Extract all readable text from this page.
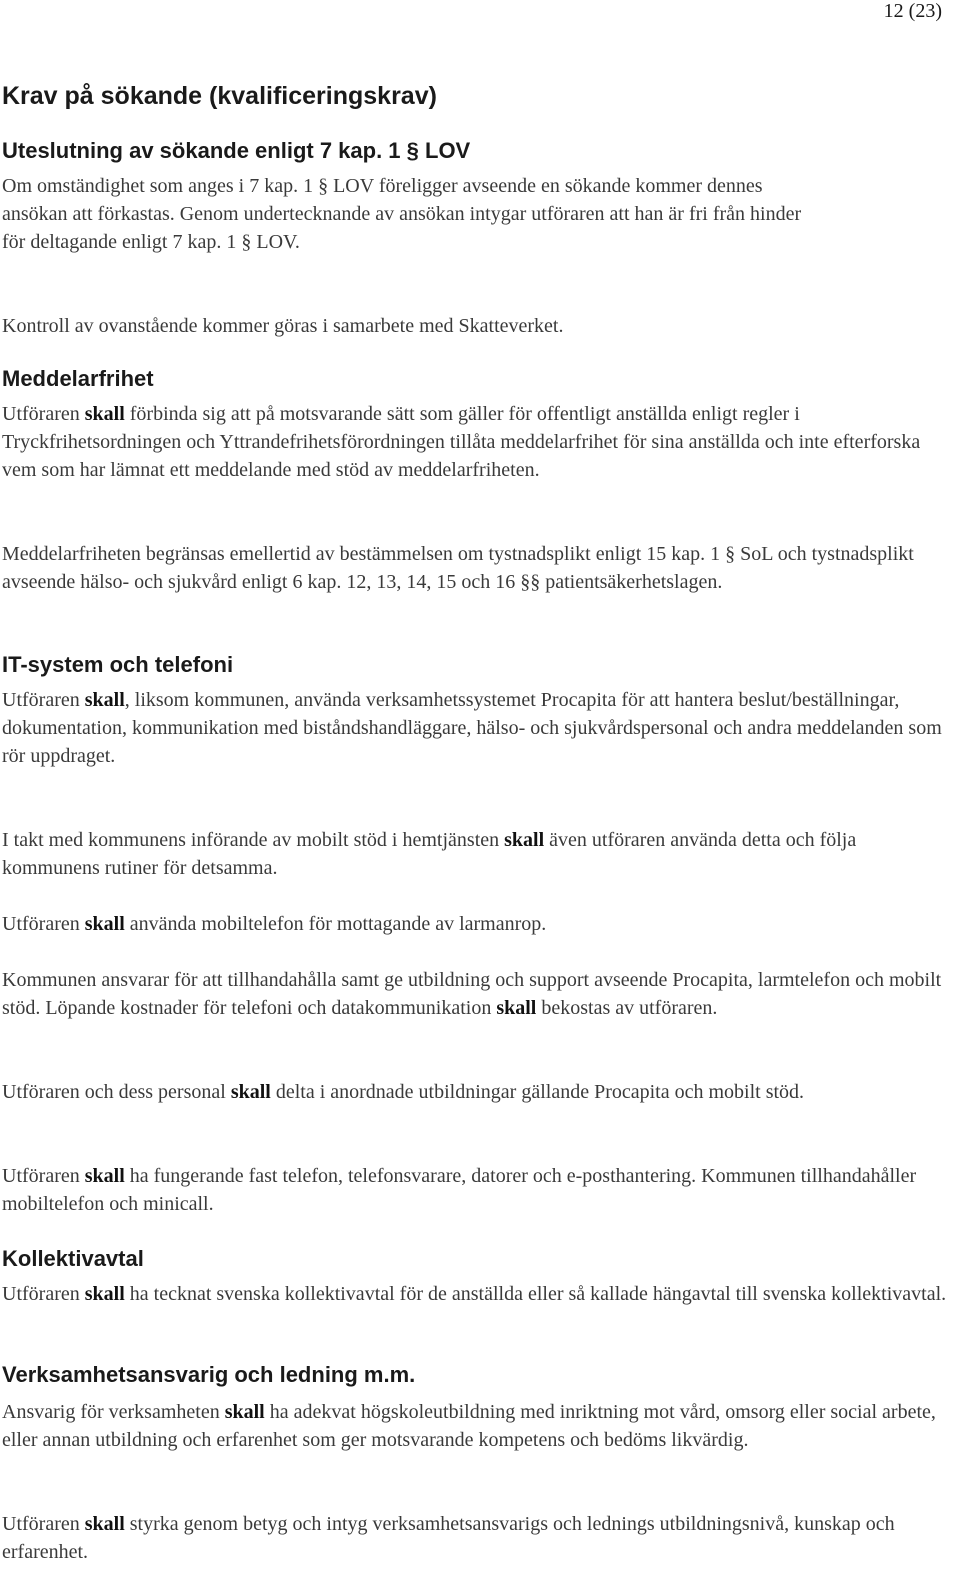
12 (23)
Krav på sökande (kvalificeringskrav)
Uteslutning av sökande enligt 7 kap. 1 § LOV

Om omständighet som anges i 7 kap. 1 § LOV föreligger avseende en sökande kommer dennes ansökan att förkastas. Genom undertecknande av ansökan intygar utföraren att han är fri från hinder för deltagande enligt 7 kap. 1 § LOV.

Kontroll av ovanstående kommer göras i samarbete med Skatteverket.

Meddelarfrihet

Utföraren skall förbinda sig att på motsvarande sätt som gäller för offentligt anställda enligt regler i Tryckfrihetsordningen och Yttrandefrihetsförordningen tillåta meddelarfrihet för sina anställda och inte efterforska vem som har lämnat ett meddelande med stöd av meddelarfriheten.

Meddelarfriheten begränsas emellertid av bestämmelsen om tystnadsplikt enligt 15 kap. 1 § SoL och tystnadsplikt avseende hälso- och sjukvård enligt 6 kap. 12, 13, 14, 15 och 16 §§ patientsäkerhetslagen.

IT-system och telefoni

Utföraren skall, liksom kommunen, använda verksamhetssystemet Procapita för att hantera beslut/beställningar, dokumentation, kommunikation med biståndshandläggare, hälso- och sjukvårdspersonal och andra meddelanden som rör uppdraget.

I takt med kommunens införande av mobilt stöd i hemtjänsten skall även utföraren använda detta och följa kommunens rutiner för detsamma.

Utföraren skall använda mobiltelefon för mottagande av larmanrop.

Kommunen ansvarar för att tillhandahålla samt ge utbildning och support avseende Procapita, larmtelefon och mobilt stöd. Löpande kostnader för telefoni och datakommunikation skall bekostas av utföraren.

Utföraren och dess personal skall delta i anordnade utbildningar gällande Procapita och mobilt stöd.

Utföraren skall ha fungerande fast telefon, telefonsvarare, datorer och e-posthantering. Kommunen tillhandahåller mobiltelefon och minicall.

Kollektivavtal

Utföraren skall ha tecknat svenska kollektivavtal för de anställda eller så kallade hängavtal till svenska kollektivavtal.

Verksamhetsansvarig och ledning m.m.

Ansvarig för verksamheten skall ha adekvat högskoleutbildning med inriktning mot vård, omsorg eller social arbete, eller annan utbildning och erfarenhet som ger motsvarande kompetens och bedöms likvärdig.

Utföraren skall styrka genom betyg och intyg verksamhetsansvarigs och lednings utbildningsnivå, kunskap och erfarenhet.
